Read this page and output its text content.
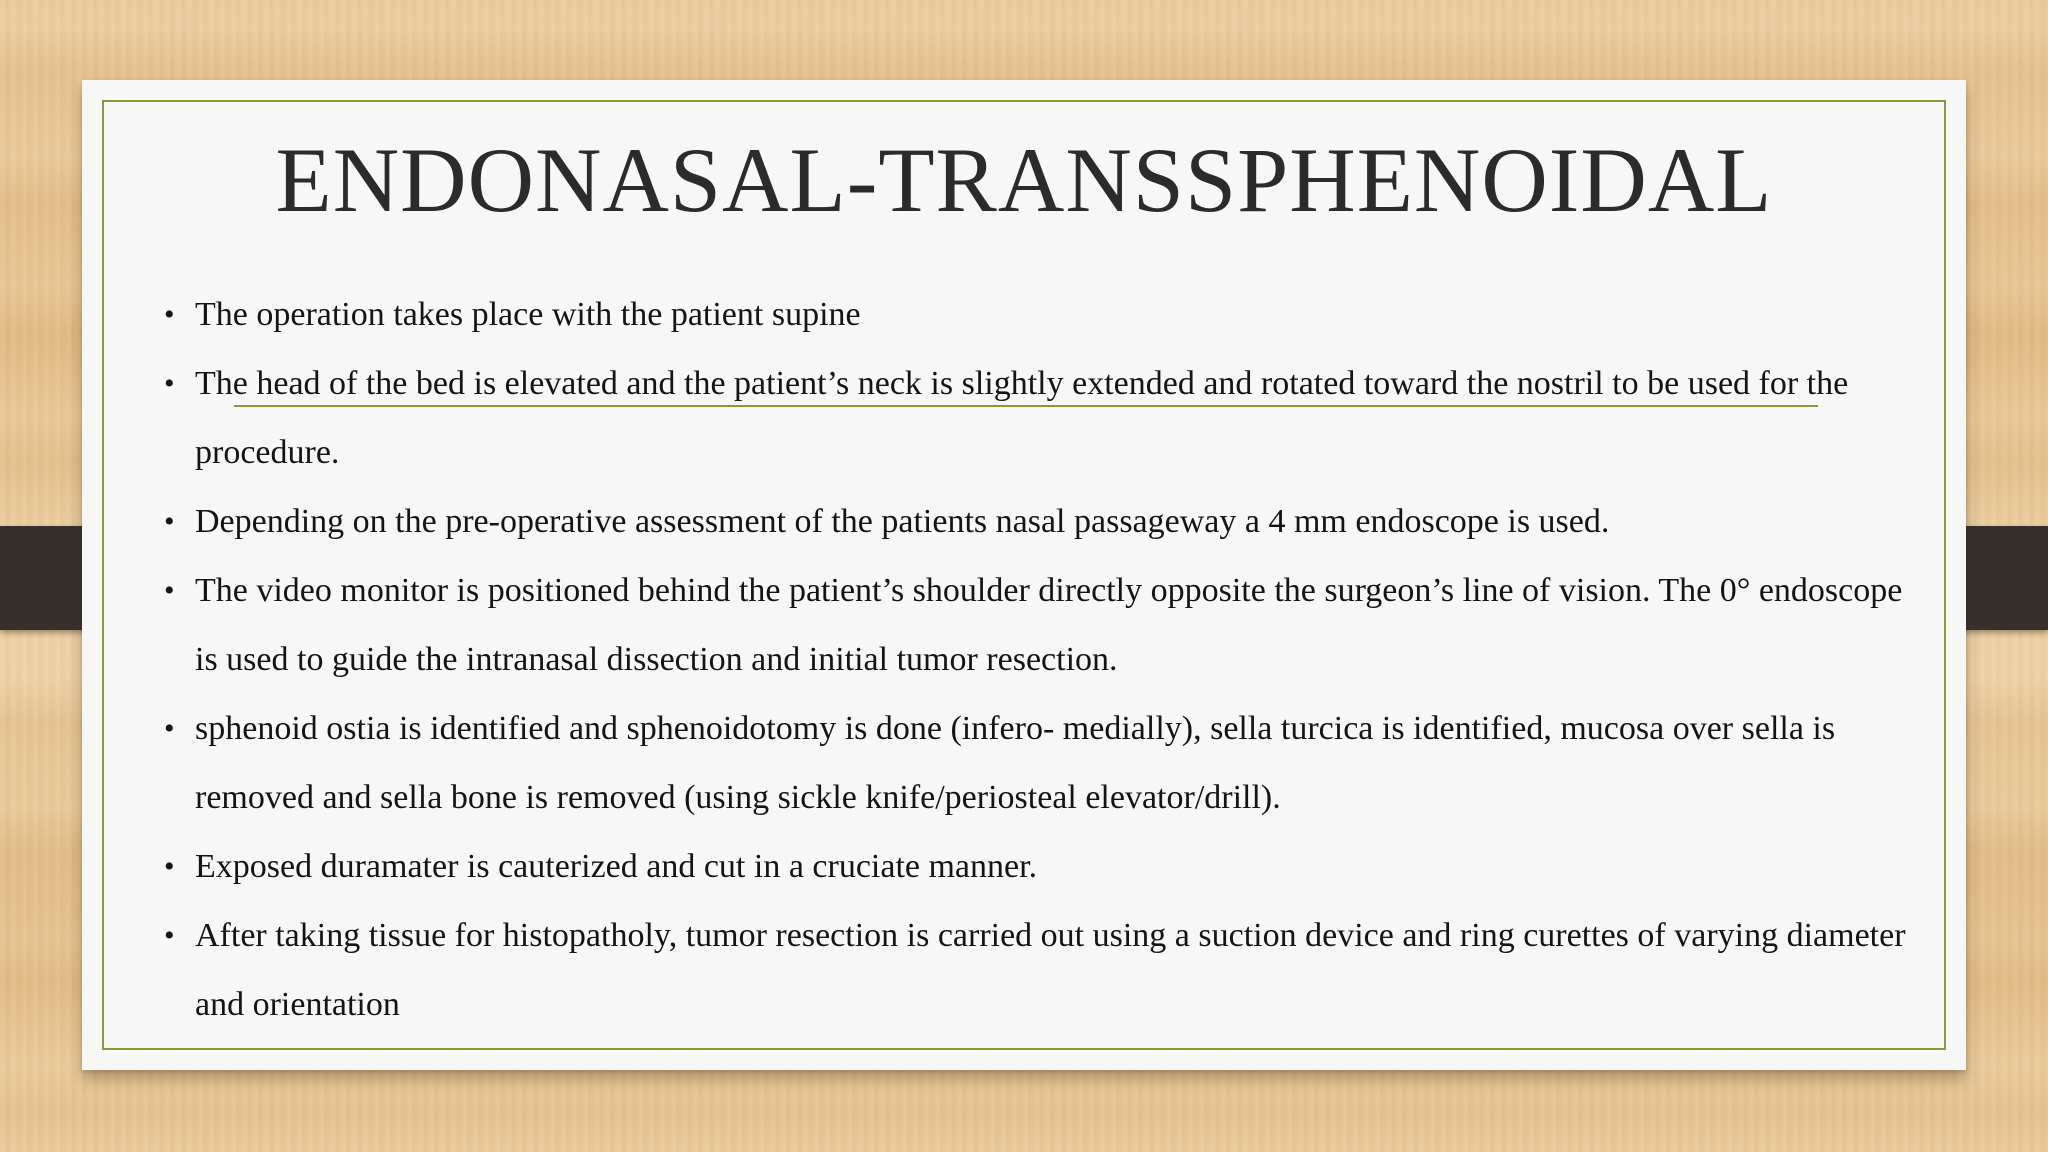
ENDONASAL-TRANSSPHENOIDAL
• The operation takes place with the patient supine
• The head of the bed is elevated and the patient’s neck is slightly extended and rotated toward the nostril to be used for the procedure.
• Depending on the pre-operative assessment of the patients nasal passageway a 4 mm endoscope is used.
• The video monitor is positioned behind the patient’s shoulder directly opposite the surgeon’s line of vision. The 0° endoscope is used to guide the intranasal dissection and initial tumor resection.
• sphenoid ostia is identified and sphenoidotomy is done (infero- medially), sella turcica is identified, mucosa over sella is removed and sella bone is removed (using sickle knife/periosteal elevator/drill).
• Exposed duramater is cauterized and cut in a cruciate manner.
• After taking tissue for histopatholy, tumor resection is carried out using a suction device and ring curettes of varying diameter and orientation
